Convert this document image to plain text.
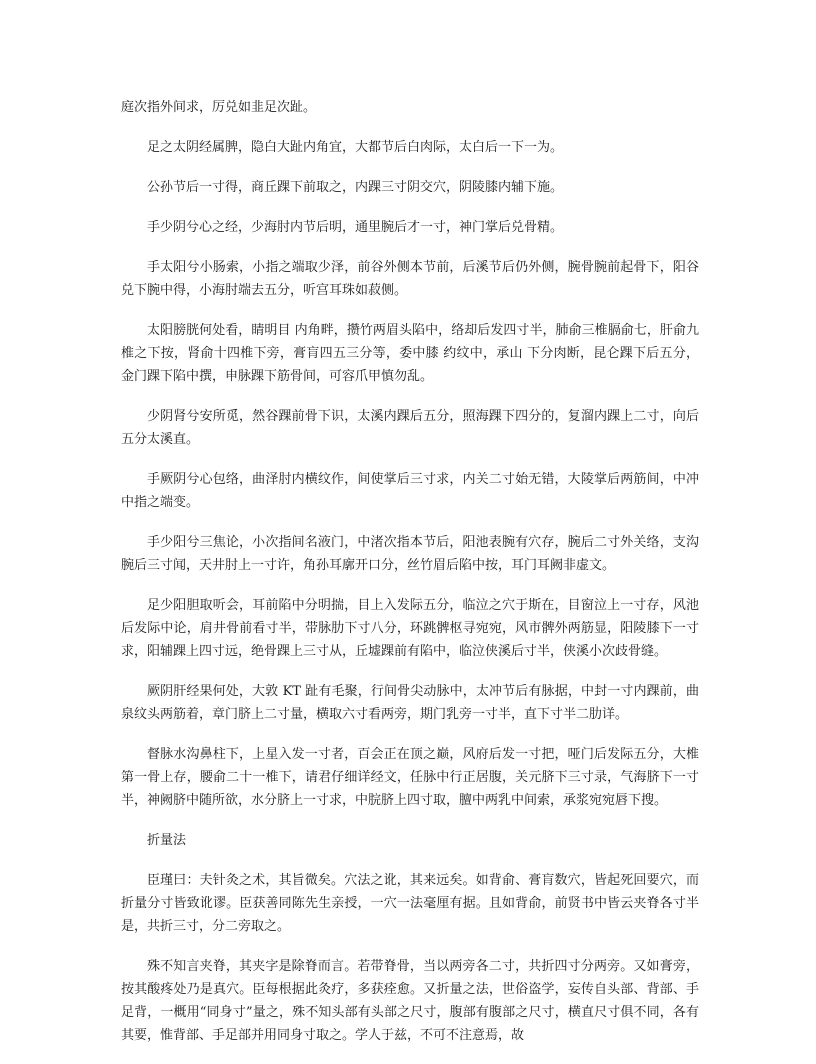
庭次指外间求，厉兑如韭足次趾。

足之太阴经属脾，隐白大趾内角宜，大都节后白肉际，太白后一下一为。

公孙节后一寸得，商丘踝下前取之，内踝三寸阴交穴，阴陵膝内辅下施。

手少阴兮心之经，少海肘内节后明，通里腕后才一寸，神门掌后兑骨精。

手太阳兮小肠索，小指之端取少泽，前谷外侧本节前，后溪节后仍外侧，腕骨腕前起骨下，阳谷兑下腕中得，小海肘端去五分，听宫耳珠如菽侧。

太阳膀胱何处看，睛明目 内角畔，攒竹两眉头陷中，络却后发四寸半，肺俞三椎膈俞七，肝俞九椎之下按，肾俞十四椎下旁，膏肓四五三分等，委中膝 约纹中，承山 下分肉断，昆仑踝下后五分，金门踝下陷中撰，申脉踝下筋骨间，可容爪甲慎勿乱。

少阴肾兮安所觅，然谷踝前骨下识，太溪内踝后五分，照海踝下四分的，复溜内踝上二寸，向后五分太溪直。

手厥阴兮心包络，曲泽肘内横纹作，间使掌后三寸求，内关二寸始无错，大陵掌后两筋间，中冲中指之端变。

手少阳兮三焦论，小次指间名液门，中渚次指本节后，阳池表腕有穴存，腕后二寸外关络，支沟腕后三寸闻，天井肘上一寸许，角孙耳廓开口分，丝竹眉后陷中按，耳门耳阙非虚文。

足少阳胆取听会，耳前陷中分明揣，目上入发际五分，临泣之穴于斯在，目窗泣上一寸存，风池后发际中论，肩井骨前看寸半，带脉肋下寸八分，环跳髀枢寻宛宛，风市髀外两筋显，阳陵膝下一寸求，阳辅踝上四寸远，绝骨踝上三寸从，丘墟踝前有陷中，临泣侠溪后寸半，侠溪小次歧骨缝。

厥阴肝经果何处，大敦 KT 趾有毛聚，行间骨尖动脉中，太冲节后有脉据，中封一寸内踝前，曲泉纹头两筋着，章门脐上二寸量，横取六寸看两旁，期门乳旁一寸半，直下寸半二肋详。

督脉水沟鼻柱下，上星入发一寸者，百会正在顶之巅，风府后发一寸把，哑门后发际五分，大椎第一骨上存，腰俞二十一椎下，请君仔细详经文，任脉中行正居腹，关元脐下三寸录，气海脐下一寸半，神阙脐中随所欲，水分脐上一寸求，中脘脐上四寸取，膻中两乳中间索，承浆宛宛唇下搜。

折量法

臣瑾曰：夫针灸之术，其旨微矣。穴法之讹，其来远矣。如背俞、膏肓数穴，皆起死回要穴，而折量分寸皆致讹谬。臣获善同陈先生亲授，一穴一法毫厘有据。且如背俞，前贤书中皆云夹脊各寸半是，共折三寸，分二旁取之。

殊不知言夹脊，其夹字是除脊而言。若带脊骨，当以两旁各二寸，共折四寸分两旁。又如膏旁，按其酸疼处乃是真穴。臣每根据此灸疗，多获痊愈。又折量之法，世俗盗学，妄传自头部、背部、手足背，一概用“同身寸”量之，殊不知头部有头部之尺寸，腹部有腹部之尺寸，横直尺寸俱不同，各有其要，惟背部、手足部并用同身寸取之。学人于兹，不可不注意焉，故
